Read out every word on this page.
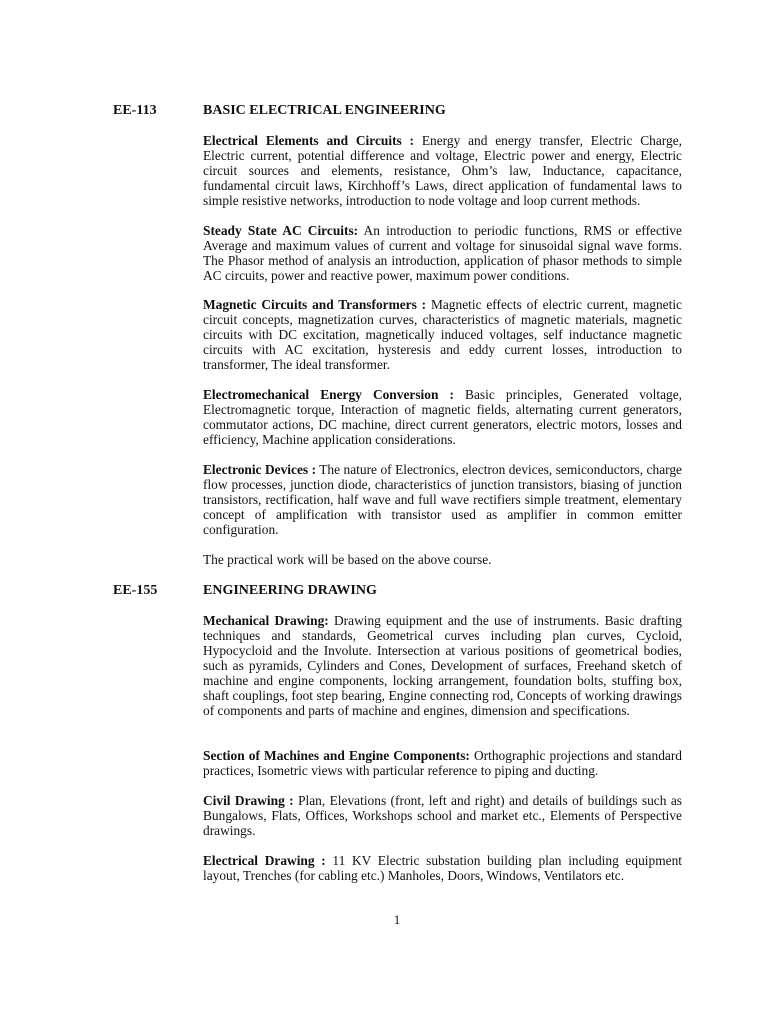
EE-113	BASIC ELECTRICAL ENGINEERING

Electrical Elements and Circuits : Energy and energy transfer, Electric Charge, Electric current, potential difference and voltage, Electric power and energy, Electric circuit sources and elements, resistance, Ohm’s law, Inductance, capacitance, fundamental circuit laws, Kirchhoff’s Laws, direct application of fundamental laws to simple resistive networks, introduction to node voltage and loop current methods.

Steady State AC Circuits: An introduction to periodic functions, RMS or effective Average and maximum values of current and voltage for sinusoidal signal wave forms. The Phasor method of analysis an introduction, application of phasor methods to simple AC circuits, power and reactive power, maximum power conditions.

Magnetic Circuits and Transformers : Magnetic effects of electric current, magnetic circuit concepts, magnetization curves, characteristics of magnetic materials, magnetic circuits with DC excitation, magnetically induced voltages, self inductance magnetic circuits with AC excitation, hysteresis and eddy current losses, introduction to transformer, The ideal transformer.

Electromechanical Energy Conversion : Basic principles, Generated voltage, Electromagnetic torque, Interaction of magnetic fields, alternating current generators, commutator actions, DC machine, direct current generators, electric motors, losses and efficiency, Machine application considerations.

Electronic Devices : The nature of Electronics, electron devices, semiconductors, charge flow processes, junction diode, characteristics of junction transistors, biasing of junction transistors, rectification, half wave and full wave rectifiers simple treatment, elementary concept of amplification with transistor used as amplifier in common emitter configuration.

The practical work will be based on the above course.

EE-155	ENGINEERING DRAWING

Mechanical Drawing: Drawing equipment and the use of instruments. Basic drafting techniques and standards, Geometrical curves including plan curves, Cycloid, Hypocycloid and the Involute. Intersection at various positions of geometrical bodies, such as pyramids, Cylinders and Cones, Development of surfaces, Freehand sketch of machine and engine components, locking arrangement, foundation bolts, stuffing box, shaft couplings, foot step bearing, Engine connecting rod, Concepts of working drawings of components and parts of machine and engines, dimension and specifications.

Section of Machines and Engine Components: Orthographic projections and standard practices, Isometric views with particular reference to piping and ducting.

Civil Drawing : Plan, Elevations (front, left and right) and details of buildings such as Bungalows, Flats, Offices, Workshops school and market etc., Elements of Perspective drawings.

Electrical Drawing : 11 KV Electric substation building plan including equipment layout, Trenches (for cabling etc.) Manholes, Doors, Windows, Ventilators etc.

1
